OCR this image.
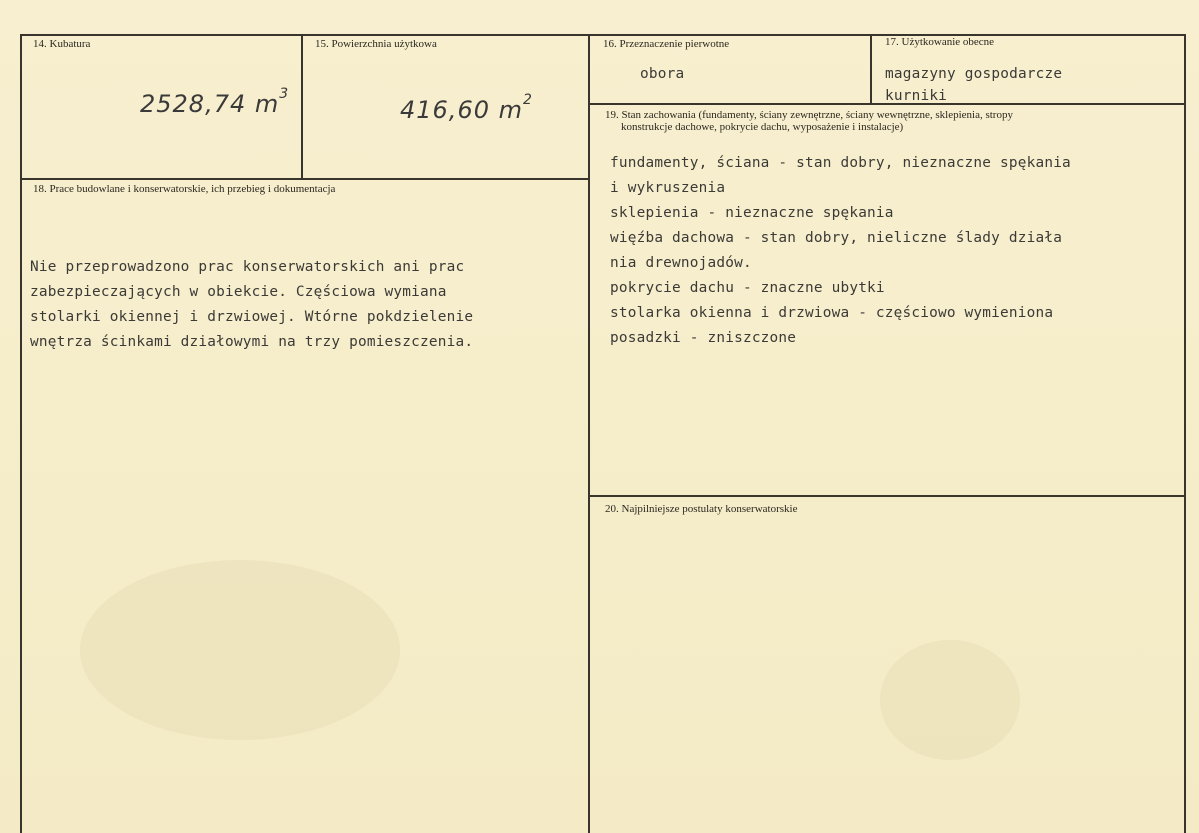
14. Kubatura
2528,74 $m^3$
15. Powierzchnia użytkowa
416,60 $m^2$
16. Przeznaczenie pierwotne
obora
17. Użytkowanie obecne
magazyny gospodarcze
kurniki
18. Prace budowlane i konserwatorskie, ich przebieg i dokumentacja
Nie przeprowadzono prac konserwatorskich ani prac
zabezpieczających w obiekcie. Częściowa wymiana
stolarki okiennej i drzwiowej. Wtórne pokdzielenie
wnętrza ścinkami działowymi na trzy pomieszczenia.
19. Stan zachowania (fundamenty, ściany zewnętrzne, ściany wewnętrzne, sklepienia, stropy
konstrukcje dachowe, pokrycie dachu, wyposażenie i instalacje)
fundamenty, ściana - stan dobry, nieznaczne spękania
i wykruszenia
sklepienia - nieznaczne spękania
więźba dachowa - stan dobry, nieliczne ślady działa
nia drewnojadów.
pokrycie dachu - znaczne ubytki
stolarka okienna i drzwiowa - częściowo wymieniona
posadzki - zniszczone
20. Najpilniejsze postulaty konserwatorskie
